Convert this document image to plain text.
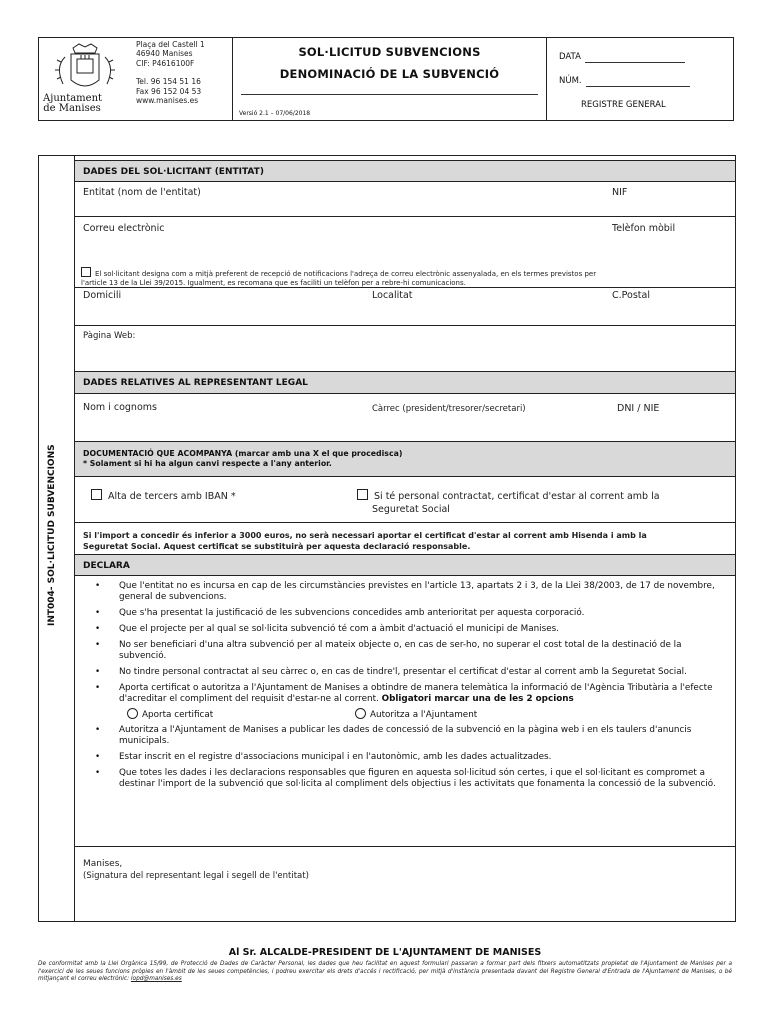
Ajuntament
de Manises
Plaça del Castell 1
46940 Manises
CIF: P4616100F
Tel. 96 154 51 16
Fax 96 152 04 53
www.manises.es
SOL·LICITUD SUBVENCIONS
DENOMINACIÓ DE LA SUBVENCIÓ
Versió 2.1 – 07/06/2018
DATA
NÚM.
REGISTRE GENERAL
INT004- SOL·LICITUD SUBVENCIONS
DADES DEL SOL·LICITANT (ENTITAT)
Entitat (nom de l'entitat)	NIF
Correu electrònic	Telèfon mòbil
El sol·licitant designa com a mitjà preferent de recepció de notificacions l'adreça de correu electrònic assenyalada, en els termes previstos per
l'article 13 de la Llei 39/2015. Igualment, es recomana que es faciliti un telèfon per a rebre-hi comunicacions.
Domicili	Localitat	C.Postal
Pàgina Web:
DADES RELATIVES AL REPRESENTANT LEGAL
Nom i cognoms	Càrrec (president/tresorer/secretari)	DNI / NIE
DOCUMENTACIÓ QUE ACOMPANYA (marcar amb una X el que procedisca)
* Solament si hi ha algun canvi respecte a l'any anterior.
Alta de tercers amb IBAN *	Si té personal contractat, certificat d'estar al corrent amb la
Seguretat Social
Si l'import a concedir és inferior a 3000 euros, no serà necessari aportar el certificat d'estar al corrent amb Hisenda i amb la
Seguretat Social. Aquest certificat se substituirà per aquesta declaració responsable.
DECLARA
• Que l'entitat no es incursa en cap de les circumstàncies previstes en l'article 13, apartats 2 i 3, de la Llei 38/2003, de 17 de novembre, general de subvencions.
• Que s'ha presentat la justificació de les subvencions concedides amb anterioritat per aquesta corporació.
• Que el projecte per al qual se sol·licita subvenció té com a àmbit d'actuació el municipi de Manises.
• No ser beneficiari d'una altra subvenció per al mateix objecte o, en cas de ser-ho, no superar el cost total de la destinació de la subvenció.
• No tindre personal contractat al seu càrrec o, en cas de tindre'l, presentar el certificat d'estar al corrent amb la Seguretat Social.
• Aporta certificat o autoritza a l'Ajuntament de Manises a obtindre de manera telemàtica la informació de l'Agència Tributària a l'efecte d'acreditar el compliment del requisit d'estar-ne al corrent. Obligatori marcar una de les 2 opcions
Aporta certificat	Autoritza a l'Ajuntament
• Autoritza a l'Ajuntament de Manises a publicar les dades de concessió de la subvenció en la pàgina web i en els taulers d'anuncis municipals.
• Estar inscrit en el registre d'associacions municipal i en l'autonòmic, amb les dades actualitzades.
• Que totes les dades i les declaracions responsables que figuren en aquesta sol·licitud són certes, i que el sol·licitant es compromet a destinar l'import de la subvenció que sol·licita al compliment dels objectius i les activitats que fonamenta la concessió de la subvenció.
Manises,
(Signatura del representant legal i segell de l'entitat)
Al Sr. ALCALDE-PRESIDENT DE L'AJUNTAMENT DE MANISES
De conformitat amb la Llei Orgànica 15/99, de Protecció de Dades de Caràcter Personal, les dades que heu facilitat en aquest formulari passaran a formar part dels fitxers automatitzats propietat de l'Ajuntament de Manises per a l'exercici de les seues funcions pròpies en l'àmbit de les seues competències, i podreu exercitar els drets d'accés i rectificació, per mitjà d'instància presentada davant del Registre General d'Entrada de l'Ajuntament de Manises, o bé mitjançant el correu electrònic: lopd@manises.es
